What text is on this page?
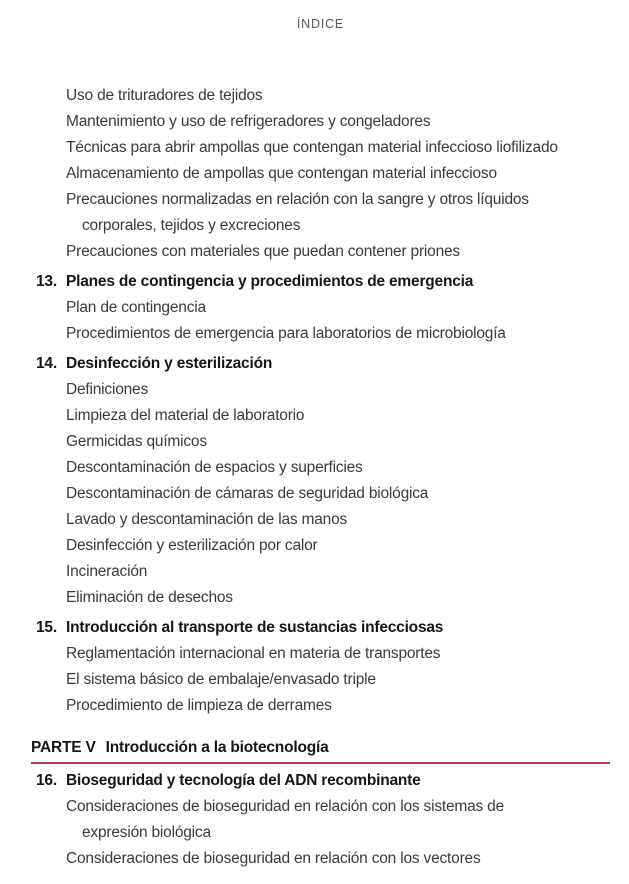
ÍNDICE
Uso de trituradores de tejidos
Mantenimiento y uso de refrigeradores y congeladores
Técnicas para abrir ampollas que contengan material infeccioso liofilizado
Almacenamiento de ampollas que contengan material infeccioso
Precauciones normalizadas en relación con la sangre y otros líquidos
corporales, tejidos y excreciones
Precauciones con materiales que puedan contener priones
13. Planes de contingencia y procedimientos de emergencia
Plan de contingencia
Procedimientos de emergencia para laboratorios de microbiología
14. Desinfección y esterilización
Definiciones
Limpieza del material de laboratorio
Germicidas químicos
Descontaminación de espacios y superficies
Descontaminación de cámaras de seguridad biológica
Lavado y descontaminación de las manos
Desinfección y esterilización por calor
Incineración
Eliminación de desechos
15. Introducción al transporte de sustancias infecciosas
Reglamentación internacional en materia de transportes
El sistema básico de embalaje/envasado triple
Procedimiento de limpieza de derrames
PARTE V Introducción a la biotecnología
16. Bioseguridad y tecnología del ADN recombinante
Consideraciones de bioseguridad en relación con los sistemas de
expresión biológica
Consideraciones de bioseguridad en relación con los vectores
